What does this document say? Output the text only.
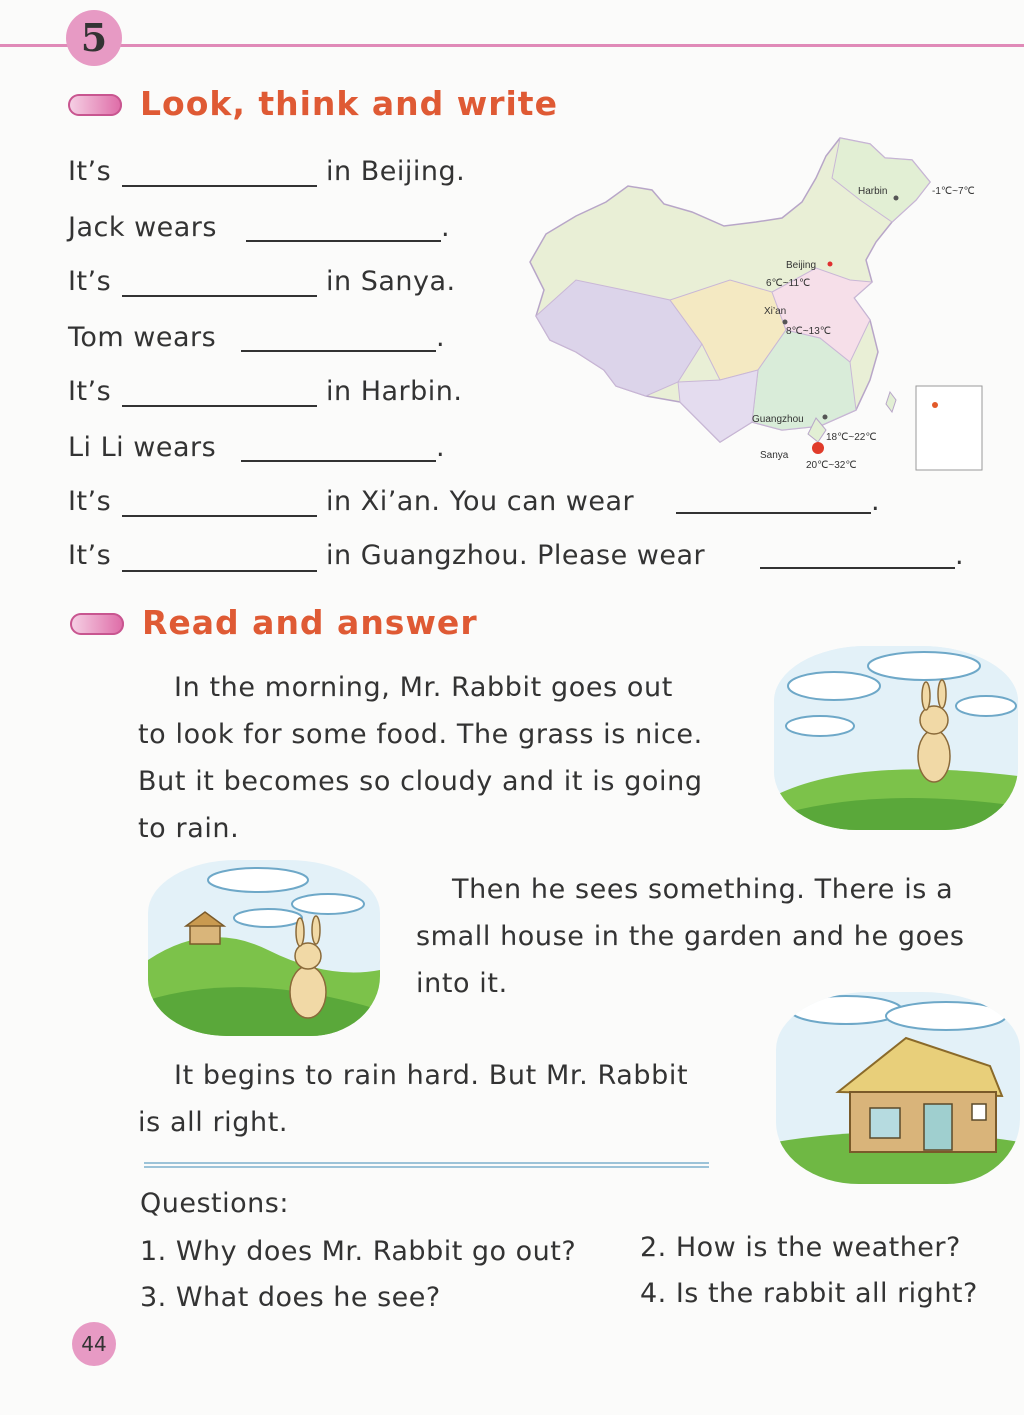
5
Look, think and write
It’s	in Beijing.
Jack wears	.
It’s	in Sanya.
Tom wears	.
It’s	in Harbin.
Li Li wears	.
It’s	in Xi’an. You can wear	.
It’s	in Guangzhou. Please wear	.
Harbin	-1℃~7℃
Beijing
6℃~11℃
Xi’an
8℃~13℃
Guangzhou
18℃~22℃
Sanya
20℃~32℃
Read and answer
In the morning, Mr. Rabbit goes out
to look for some food. The grass is nice.
But it becomes so cloudy and it is going
to rain.
Then he sees something. There is a
small house in the garden and he goes
into it.
It begins to rain hard. But Mr. Rabbit
is all right.
Questions:
1. Why does Mr. Rabbit go out? 2. How is the weather?
3. What does he see?	4. Is the rabbit all right?
44
